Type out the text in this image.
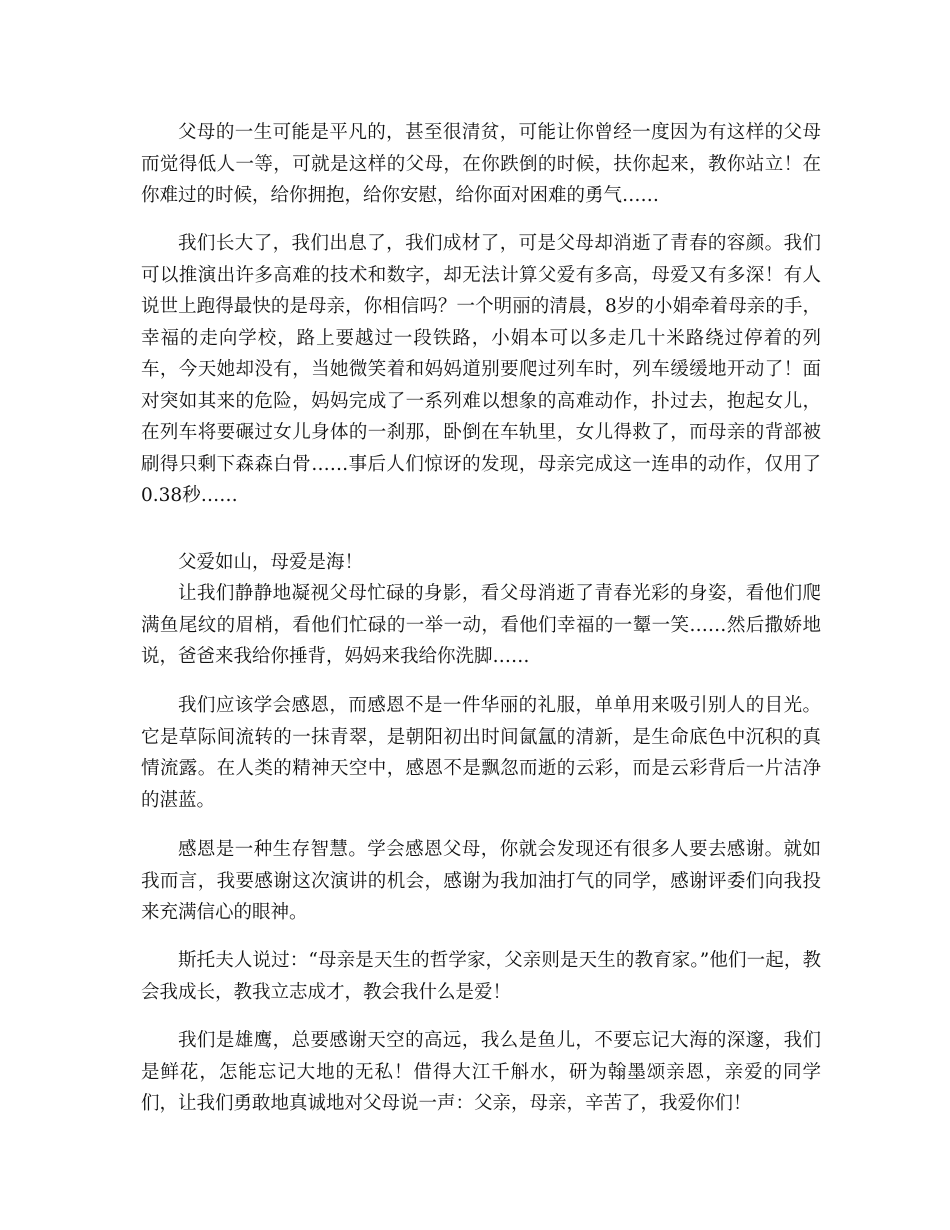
父母的一生可能是平凡的，甚至很清贫，可能让你曾经一度因为有这样的父母而觉得低人一等，可就是这样的父母，在你跌倒的时候，扶你起来，教你站立！在你难过的时候，给你拥抱，给你安慰，给你面对困难的勇气……

我们长大了，我们出息了，我们成材了，可是父母却消逝了青春的容颜。我们可以推演出许多高难的技术和数字，却无法计算父爱有多高，母爱又有多深！有人说世上跑得最快的是母亲，你相信吗？一个明丽的清晨，8岁的小娟牵着母亲的手，幸福的走向学校，路上要越过一段铁路，小娟本可以多走几十米路绕过停着的列车，今天她却没有，当她微笑着和妈妈道别要爬过列车时，列车缓缓地开动了！面对突如其来的危险，妈妈完成了一系列难以想象的高难动作，扑过去，抱起女儿，在列车将要碾过女儿身体的一刹那，卧倒在车轨里，女儿得救了，而母亲的背部被刷得只剩下森森白骨……事后人们惊讶的发现，母亲完成这一连串的动作，仅用了0.38秒……

父爱如山，母爱是海！

让我们静静地凝视父母忙碌的身影，看父母消逝了青春光彩的身姿，看他们爬满鱼尾纹的眉梢，看他们忙碌的一举一动，看他们幸福的一颦一笑……然后撒娇地说，爸爸来我给你捶背，妈妈来我给你洗脚……

我们应该学会感恩，而感恩不是一件华丽的礼服，单单用来吸引别人的目光。它是草际间流转的一抹青翠，是朝阳初出时间氤氲的清新，是生命底色中沉积的真情流露。在人类的精神天空中，感恩不是飘忽而逝的云彩，而是云彩背后一片洁净的湛蓝。

感恩是一种生存智慧。学会感恩父母，你就会发现还有很多人要去感谢。就如我而言，我要感谢这次演讲的机会，感谢为我加油打气的同学，感谢评委们向我投来充满信心的眼神。

斯托夫人说过：“母亲是天生的哲学家，父亲则是天生的教育家。”他们一起，教会我成长，教我立志成才，教会我什么是爱！

我们是雄鹰，总要感谢天空的高远，我么是鱼儿，不要忘记大海的深邃，我们是鲜花，怎能忘记大地的无私！借得大江千斛水，研为翰墨颂亲恩，亲爱的同学们，让我们勇敢地真诚地对父母说一声：父亲，母亲，辛苦了，我爱你们！
